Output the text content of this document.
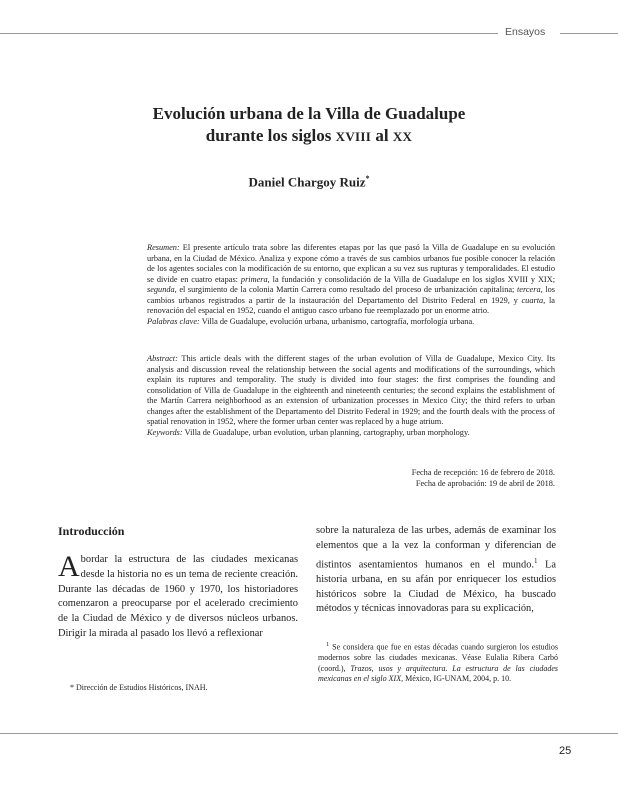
Ensayos
Evolución urbana de la Villa de Guadalupe
durante los siglos XVIII al XX
Daniel Chargoy Ruiz*

Resumen: El presente artículo trata sobre las diferentes etapas por las que pasó la Villa de Guadalupe en su evolución urbana, en la Ciudad de México. Analiza y expone cómo a través de sus cambios urbanos fue posible conocer la relación de los agentes sociales con la modificación de su entorno, que explican a su vez sus rupturas y temporalidades. El estudio se divide en cuatro etapas: primera, la fundación y consolidación de la Villa de Guadalupe en los siglos XVIII y XIX; segunda, el surgimiento de la colonia Martín Carrera como resultado del proceso de urbanización capitalina; tercera, los cambios urbanos registrados a partir de la instauración del Departamento del Distrito Federal en 1929, y cuarta, la renovación del espacial en 1952, cuando el antiguo casco urbano fue reemplazado por un enorme atrio.

Palabras clave: Villa de Guadalupe, evolución urbana, urbanismo, cartografía, morfología urbana.

Abstract: This article deals with the different stages of the urban evolution of Villa de Guadalupe, Mexico City. Its analysis and discussion reveal the relationship between the social agents and modifications of the surroundings, which explain its ruptures and temporality. The study is divided into four stages: the first comprises the founding and consolidation of Villa de Guadalupe in the eighteenth and nineteenth centuries; the second explains the establishment of the Martín Carrera neighborhood as an extension of urbanization processes in Mexico City; the third refers to urban changes after the establishment of the Departamento del Distrito Federal in 1929; and the fourth deals with the process of spatial renovation in 1952, where the former urban center was replaced by a huge atrium.

Keywords: Villa de Guadalupe, urban evolution, urban planning, cartography, urban morphology.

Fecha de recepción: 16 de febrero de 2018.
Fecha de aprobación: 19 de abril de 2018.
Introducción
Abordar la estructura de las ciudades mexicanas desde la historia no es un tema de reciente creación. Durante las décadas de 1960 y 1970, los historiadores comenzaron a preocuparse por el acelerado crecimiento de la Ciudad de México y de diversos núcleos urbanos. Dirigir la mirada al pasado los llevó a reflexionar
sobre la naturaleza de las urbes, además de examinar los elementos que a la vez la conforman y diferencian de distintos asentamientos humanos en el mundo.$^1$ La historia urbana, en su afán por enriquecer los estudios históricos sobre la Ciudad de México, ha buscado métodos y técnicas innovadoras para su explicación,
$^1$ Se considera que fue en estas décadas cuando surgieron los estudios modernos sobre las ciudades mexicanas. Véase Eulalia Ribera Carbó (coord.), Trazos, usos y arquitectura. La estructura de las ciudades mexicanas en el siglo XIX, México, IG-UNAM, 2004, p. 10.
* Dirección de Estudios Históricos, INAH.
25
